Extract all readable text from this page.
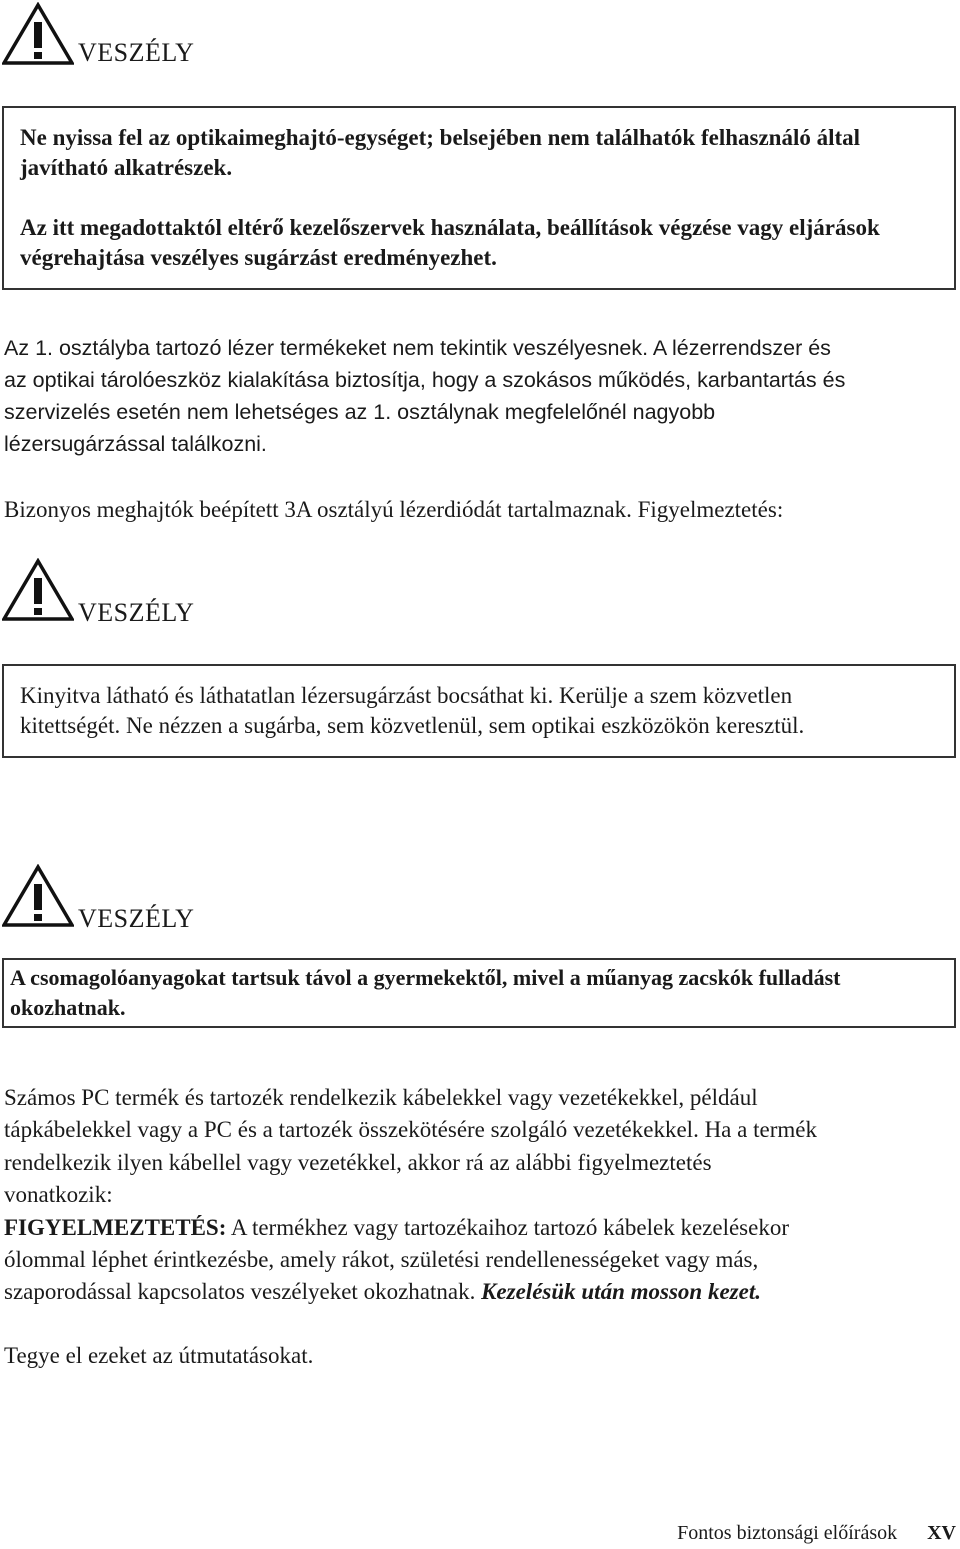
VESZÉLY
Ne nyissa fel az optikaimeghajtó-egységet; belsejében nem találhatók felhasználó által
javítható alkatrészek.
Az itt megadottaktól eltérő kezelőszervek használata, beállítások végzése vagy eljárások
végrehajtása veszélyes sugárzást eredményezhet.
Az 1. osztályba tartozó lézer termékeket nem tekintik veszélyesnek. A lézerrendszer és
az optikai tárolóeszköz kialakítása biztosítja, hogy a szokásos működés, karbantartás és
szervizelés esetén nem lehetséges az 1. osztálynak megfelelőnél nagyobb
lézersugárzással találkozni.
Bizonyos meghajtók beépített 3A osztályú lézerdiódát tartalmaznak. Figyelmeztetés:
VESZÉLY
Kinyitva látható és láthatatlan lézersugárzást bocsáthat ki. Kerülje a szem közvetlen
kitettségét. Ne nézzen a sugárba, sem közvetlenül, sem optikai eszközökön keresztül.
VESZÉLY
A csomagolóanyagokat tartsuk távol a gyermekektől, mivel a műanyag zacskók fulladást
okozhatnak.
Számos PC termék és tartozék rendelkezik kábelekkel vagy vezetékekkel, például
tápkábelekkel vagy a PC és a tartozék összekötésére szolgáló vezetékekkel. Ha a termék
rendelkezik ilyen kábellel vagy vezetékkel, akkor rá az alábbi figyelmeztetés
vonatkozik:
FIGYELMEZTETÉS: A termékhez vagy tartozékaihoz tartozó kábelek kezelésekor
ólommal léphet érintkezésbe, amely rákot, születési rendellenességeket vagy más,
szaporodással kapcsolatos veszélyeket okozhatnak. Kezelésük után mosson kezet.
Tegye el ezeket az útmutatásokat.
Fontos biztonsági előírások XV
